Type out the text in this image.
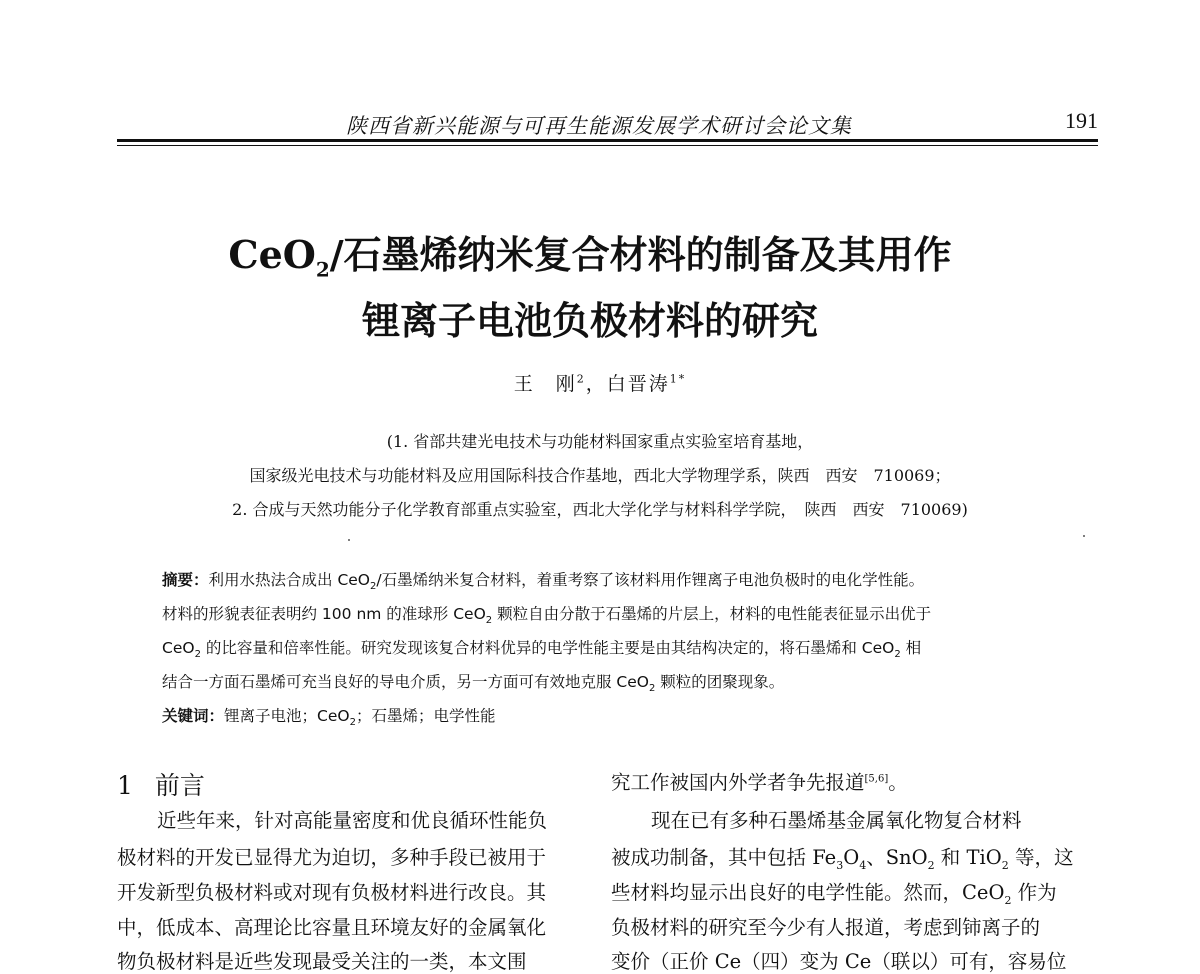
陕西省新兴能源与可再生能源发展学术研讨会论文集	191
CeO$_2$/石墨烯纳米复合材料的制备及其用作
锂离子电池负极材料的研究
王　刚$^2$，白晋涛$^{1*}$
(1. 省部共建光电技术与功能材料国家重点实验室培育基地，
国家级光电技术与功能材料及应用国际科技合作基地，西北大学物理学系，陕西　西安　710069；
2. 合成与天然功能分子化学教育部重点实验室，西北大学化学与材料科学学院，　陕西　西安　710069)
摘要：利用水热法合成出 CeO$_2$/石墨烯纳米复合材料，着重考察了该材料用作锂离子电池负极时的电化学性能。
材料的形貌表征表明约 100 nm 的准球形 CeO$_2$ 颗粒自由分散于石墨烯的片层上，材料的电性能表征显示出优于
CeO$_2$ 的比容量和倍率性能。研究发现该复合材料优异的电学性能主要是由其结构决定的，将石墨烯和 CeO$_2$ 相
结合一方面石墨烯可充当良好的导电介质，另一方面可有效地克服 CeO$_2$ 颗粒的团聚现象。
关键词：锂离子电池；CeO$_2$；石墨烯；电学性能
1 前言
近些年来，针对高能量密度和优良循环性能负
极材料的开发已显得尤为迫切，多种手段已被用于
开发新型负极材料或对现有负极材料进行改良。其
中，低成本、高理论比容量且环境友好的金属氧化
物负极材料是近些发现最受关注的一类，本文围
究工作被国内外学者争先报道[5,6]。
现在已有多种石墨烯基金属氧化物复合材料
被成功制备，其中包括 $Fe_3O_4$、SnO$_2$ 和 TiO$_2$ 等，这
些材料均显示出良好的电学性能。然而，CeO$_2$ 作为
负极材料的研究至今少有人报道，考虑到铈离子的
变价（正价 Ce（四）变为 Ce（联以）可有，容易位
